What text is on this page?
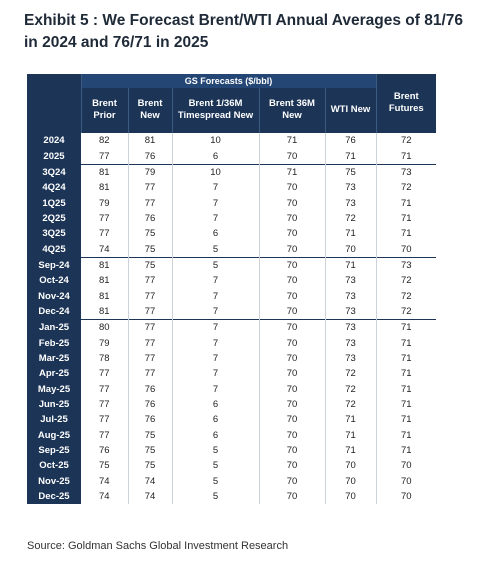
Exhibit 5 : We Forecast Brent/WTI Annual Averages of 81/76 in 2024 and 76/71 in 2025
	GS Forecasts ($/bbl)					Brent Futures
	Brent Prior	Brent New	Brent 1/36M Timespread New	Brent 36M New	WTI New	
2024	82	81	10	71	76	72
2025	77	76	6	70	71	71
3Q24	81	79	10	71	75	73
4Q24	81	77	7	70	73	72
1Q25	79	77	7	70	73	71
2Q25	77	76	7	70	72	71
3Q25	77	75	6	70	71	71
4Q25	74	75	5	70	70	70
Sep-24	81	75	5	70	71	73
Oct-24	81	77	7	70	73	72
Nov-24	81	77	7	70	73	72
Dec-24	81	77	7	70	73	72
Jan-25	80	77	7	70	73	71
Feb-25	79	77	7	70	73	71
Mar-25	78	77	7	70	73	71
Apr-25	77	77	7	70	72	71
May-25	77	76	7	70	72	71
Jun-25	77	76	6	70	72	71
Jul-25	77	76	6	70	71	71
Aug-25	77	75	6	70	71	71
Sep-25	76	75	5	70	71	71
Oct-25	75	75	5	70	70	70
Nov-25	74	74	5	70	70	70
Dec-25	74	74	5	70	70	70
Source: Goldman Sachs Global Investment Research
